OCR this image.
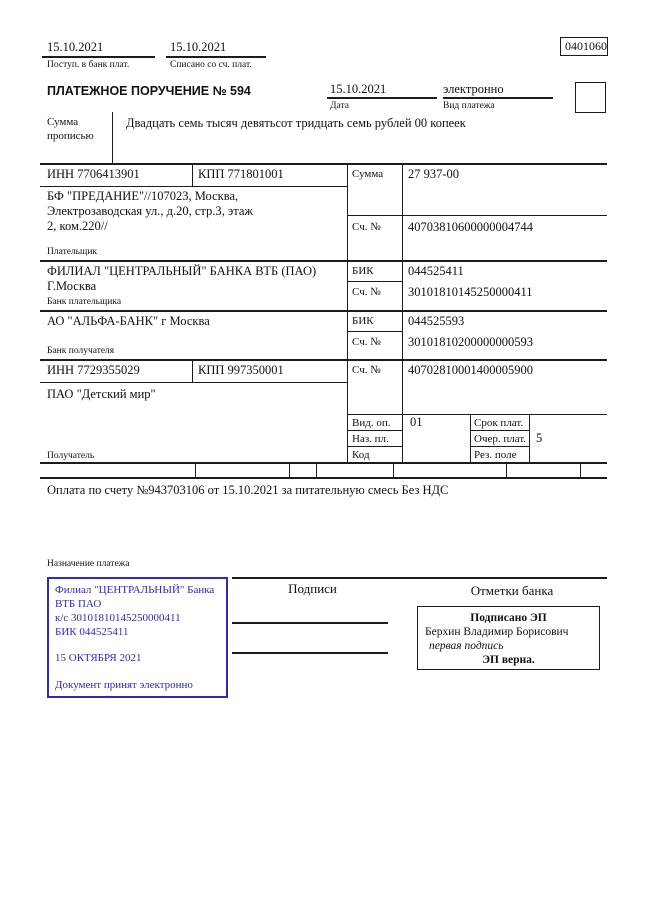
15.10.2021
Поступ. в банк плат.
15.10.2021
Списано со сч. плат.
0401060
ПЛАТЕЖНОЕ ПОРУЧЕНИЕ № 594	15.10.2021
Дата
электронно
Вид платежа
Сумма прописью
Двадцать семь тысяч девятьсот тридцать семь рублей 00 копеек
ИНН 7706413901	КПП 771801001	Сумма 27 937-00
БФ "ПРЕДАНИЕ"//107023, Москва,
Электрозаводская ул., д.20, стр.3, этаж
2, ком.220//	Сч. № 40703810600000004744
Плательщик
ФИЛИАЛ "ЦЕНТРАЛЬНЫЙ" БАНКА ВТБ (ПАО)
Г.Москва
БИК	044525411
Сч. № 30101810145250000411
Банк плательщика
АО "АЛЬФА-БАНК" г Москва	БИК	044525593
Сч. № 30101810200000000593
Банк получателя
ИНН 7729355029	КПП 997350001	Сч. № 40702810001400005900
ПАО "Детский мир"
Получатель
Вид. оп. 01	Срок плат.
Наз. пл.	Очер. плат. 5
Код	Рез. поле
Оплата по счету №943703106 от 15.10.2021 за питательную смесь Без НДС
Назначение платежа
Подписи	Отметки банка
Филиал "ЦЕНТРАЛЬНЫЙ" Банка
ВТБ ПАО
к/с 30101810145250000411
БИК 044525411
15 ОКТЯБРЯ 2021
Документ принят электронно
Подписано ЭП
Берхин Владимир Борисович
первая подпись
ЭП верна.
